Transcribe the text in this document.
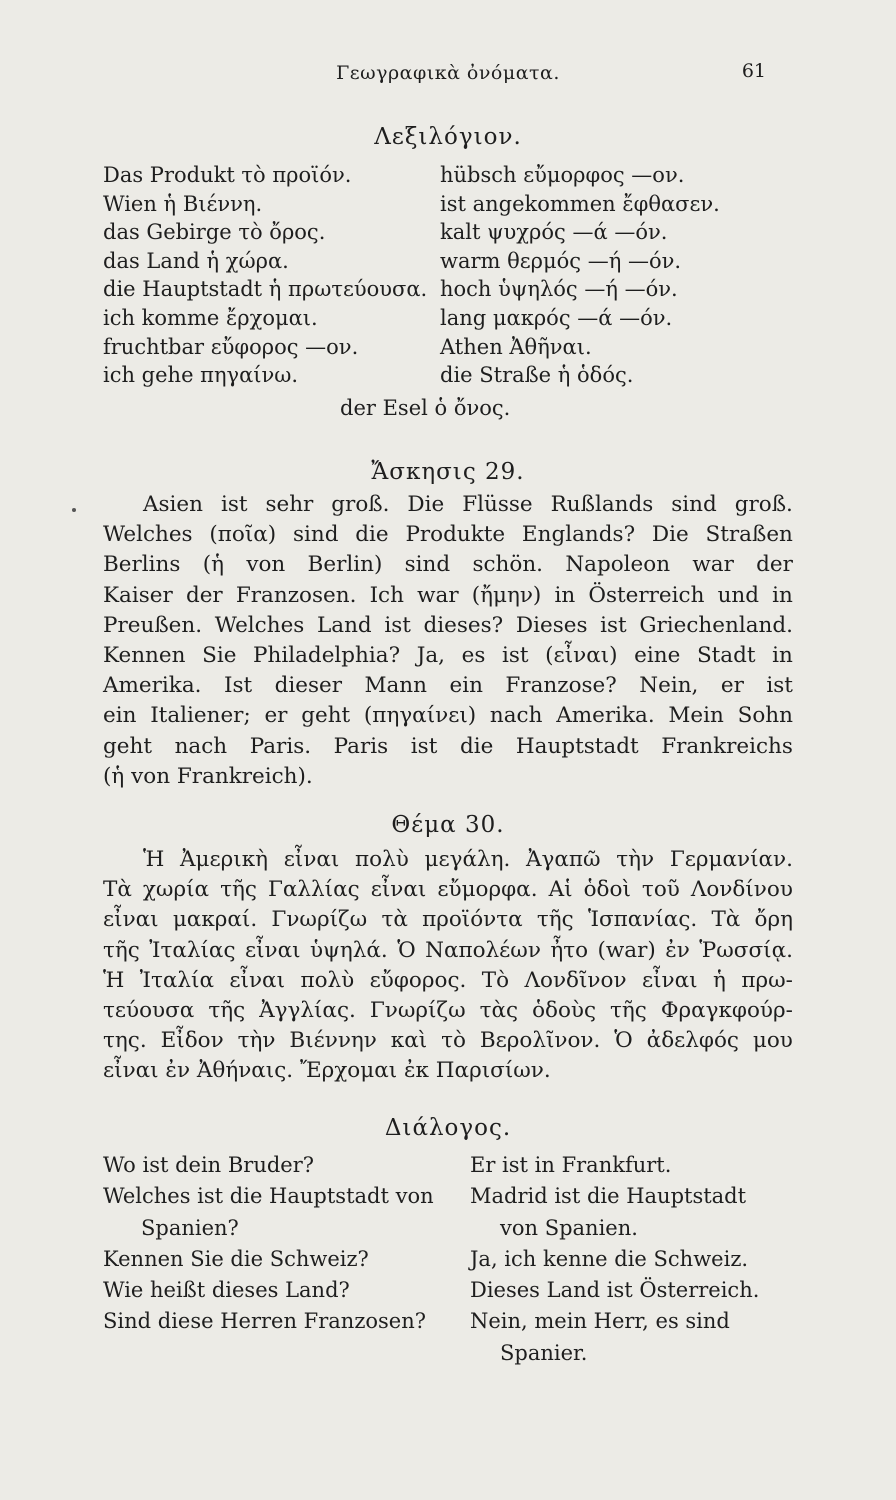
Γεωγραφικὰ ὀνόματα.	61
Λεξιλόγιον.
Das Produkt τὸ προϊόν.
Wien ἡ Βιέννη.
das Gebirge τὸ ὄρος.
das Land ἡ χώρα.
die Hauptstadt ἡ πρωτεύουσα.
ich komme ἔρχομαι.
fruchtbar εὔφορος —ον.
ich gehe πηγαίνω.
hübsch εὔμορφος —ον.
ist angekommen ἔφθασεν.
kalt ψυχρός —ά —όν.
warm θερμός —ή —όν.
hoch ὑψηλός —ή —όν.
lang μακρός —ά —όν.
Athen Ἀθῆναι.
die Straße ἡ ὁδός.
der Esel ὁ ὄνος.
Ἄσκησις 29.
Asien ist sehr groß. Die Flüsse Rußlands sind groß.
Welches (ποῖα) sind die Produkte Englands? Die Straßen
Berlins (ἡ von Berlin) sind schön. Napoleon war der
Kaiser der Franzosen. Ich war (ἤμην) in Österreich und in
Preußen. Welches Land ist dieses? Dieses ist Griechenland.
Kennen Sie Philadelphia? Ja, es ist (εἶναι) eine Stadt in
Amerika. Ist dieser Mann ein Franzose? Nein, er ist
ein Italiener; er geht (πηγαίνει) nach Amerika. Mein Sohn
geht nach Paris. Paris ist die Hauptstadt Frankreichs
(ἡ von Frankreich).
Θέμα 30.
Ἡ Ἀμερικὴ εἶναι πολὺ μεγάλη. Ἀγαπῶ τὴν Γερμανίαν.
Τὰ χωρία τῆς Γαλλίας εἶναι εὔμορφα. Αἱ ὁδοὶ τοῦ Λονδίνου
εἶναι μακραί. Γνωρίζω τὰ προϊόντα τῆς Ἱσπανίας. Τὰ ὄρη
τῆς Ἰταλίας εἶναι ὑψηλά. Ὁ Ναπολέων ἦτο (war) ἐν Ῥωσσίᾳ.
Ἡ Ἰταλία εἶναι πολὺ εὔφορος. Τὸ Λονδῖνον εἶναι ἡ πρω-
τεύουσα τῆς Ἀγγλίας. Γνωρίζω τὰς ὁδοὺς τῆς Φραγκφούρ-
της. Εἶδον τὴν Βιέννην καὶ τὸ Βερολῖνον. Ὁ ἀδελφός μου
εἶναι ἐν Ἀθήναις. Ἔρχομαι ἐκ Παρισίων.
Διάλογος.
Wo ist dein Bruder?
Welches ist die Hauptstadt von
Spanien?
Kennen Sie die Schweiz?
Wie heißt dieses Land?
Sind diese Herren Franzosen?
Er ist in Frankfurt.
Madrid ist die Hauptstadt
von Spanien.
Ja, ich kenne die Schweiz.
Dieses Land ist Österreich.
Nein, mein Herr, es sind
Spanier.
